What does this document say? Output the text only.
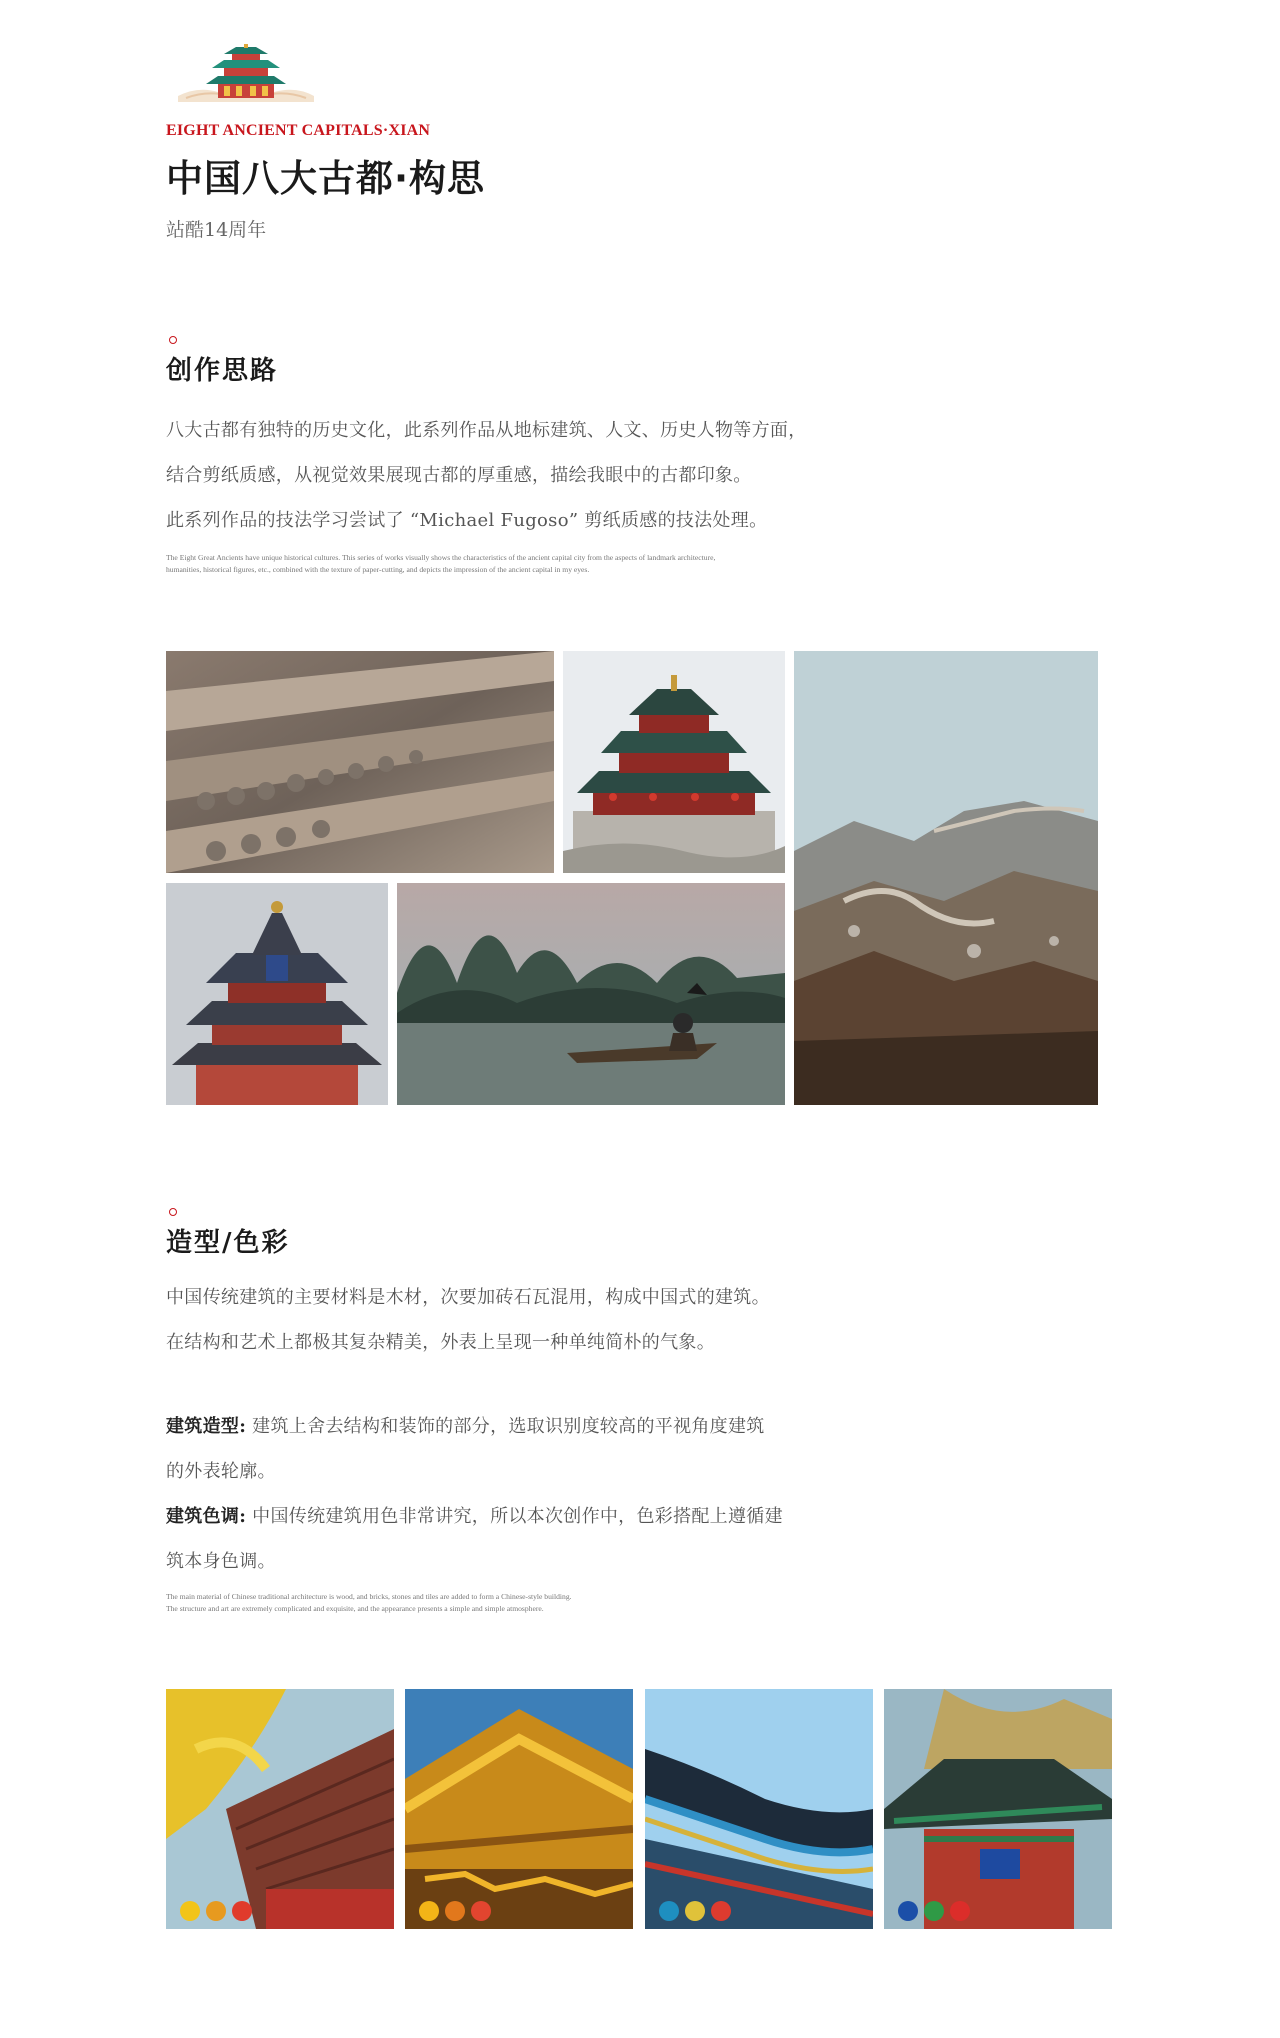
EIGHT ANCIENT CAPITALS·XIAN
中国八大古都·构思
站酷14周年
创作思路
八大古都有独特的历史文化，此系列作品从地标建筑、人文、历史人物等方面，
结合剪纸质感，从视觉效果展现古都的厚重感，描绘我眼中的古都印象。
此系列作品的技法学习尝试了 “Michael Fugoso” 剪纸质感的技法处理。
The Eight Great Ancients have unique historical cultures. This series of works visually shows the characteristics of the ancient capital city from the aspects of landmark architecture, humanities, historical figures, etc., combined with the texture of paper-cutting, and depicts the impression of the ancient capital in my eyes.
造型/色彩
中国传统建筑的主要材料是木材，次要加砖石瓦混用，构成中国式的建筑。
在结构和艺术上都极其复杂精美，外表上呈现一种单纯简朴的气象。
建筑造型: 建筑上舍去结构和装饰的部分，选取识别度较高的平视角度建筑
的外表轮廓。
建筑色调: 中国传统建筑用色非常讲究，所以本次创作中，色彩搭配上遵循建
筑本身色调。
The main material of Chinese traditional architecture is wood, and bricks, stones and tiles are added to form a Chinese-style building.
The structure and art are extremely complicated and exquisite, and the appearance presents a simple and simple atmosphere.
